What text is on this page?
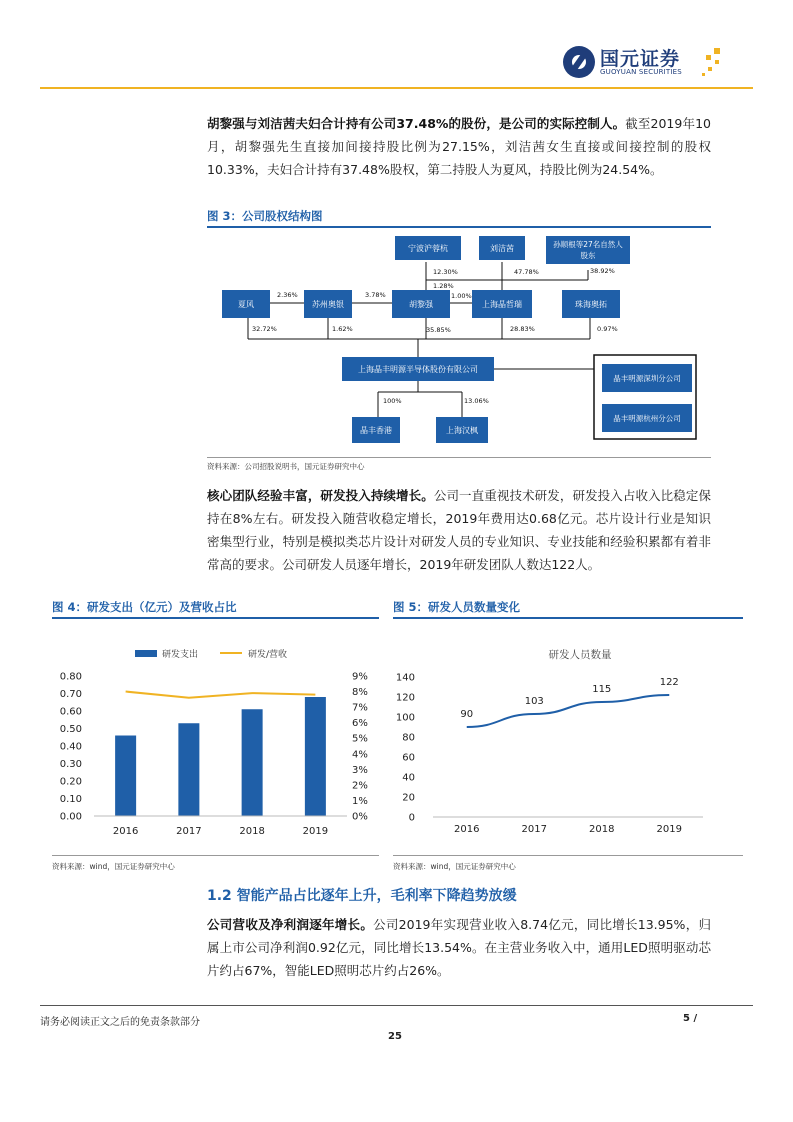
国元证券
GUOYUAN SECURITIES

胡黎强与刘洁茜夫妇合计持有公司37.48%的股份，是公司的实际控制人。截至2019年10月，胡黎强先生直接加间接持股比例为27.15%，刘洁茜女生直接或间接控制的股权10.33%，夫妇合计持有37.48%股权，第二持股人为夏风，持股比例为24.54%。

图 3：公司股权结构图
宁波沪蓉杭	刘洁茜	孙顺根等27名自然人股东
12.30%	47.78%	38.92%
1.28%
夏风	苏州奥银	胡黎强	上海晶哲瑞	珠海奥拓
2.36%	3.78%	1.00%
32.72%	1.62%	35.85%	28.83%	0.97%
上海晶丰明源半导体股份有限公司
100%	13.06%
晶丰香港	上海汉枫
晶丰明源深圳分公司
晶丰明源杭州分公司
资料来源：公司招股说明书，国元证券研究中心

核心团队经验丰富，研发投入持续增长。公司一直重视技术研发，研发投入占收入比稳定保持在8%左右。研发投入随营收稳定增长，2019年费用达0.68亿元。芯片设计行业是知识密集型行业，特别是模拟类芯片设计对研发人员的专业知识、专业技能和经验积累都有着非常高的要求。公司研发人员逐年增长，2019年研发团队人数达122人。

图 4：研发支出（亿元）及营收占比	图 5：研发人员数量变化
研发支出	研发/营收
0.00
0.10
0.20
0.30
0.40
0.50
0.60
0.70
0.80
0%
1%
2%
3%
4%
5%
6%
7%
8%
9%
2016	2017	2018	2019
研发人员数量
0
20
40
60
80
100
120
140
90
103
115
122
2016	2017	2018	2019
资料来源：wind，国元证券研究中心	资料来源：wind，国元证券研究中心
1.2 智能产品占比逐年上升，毛利率下降趋势放缓

公司营收及净利润逐年增长。公司2019年实现营业收入8.74亿元，同比增长13.95%，归属上市公司净利润0.92亿元，同比增长13.54%。在主营业务收入中，通用LED照明驱动芯片约占67%，智能LED照明芯片约占26%。

请务必阅读正文之后的免责条款部分	5 /
25
